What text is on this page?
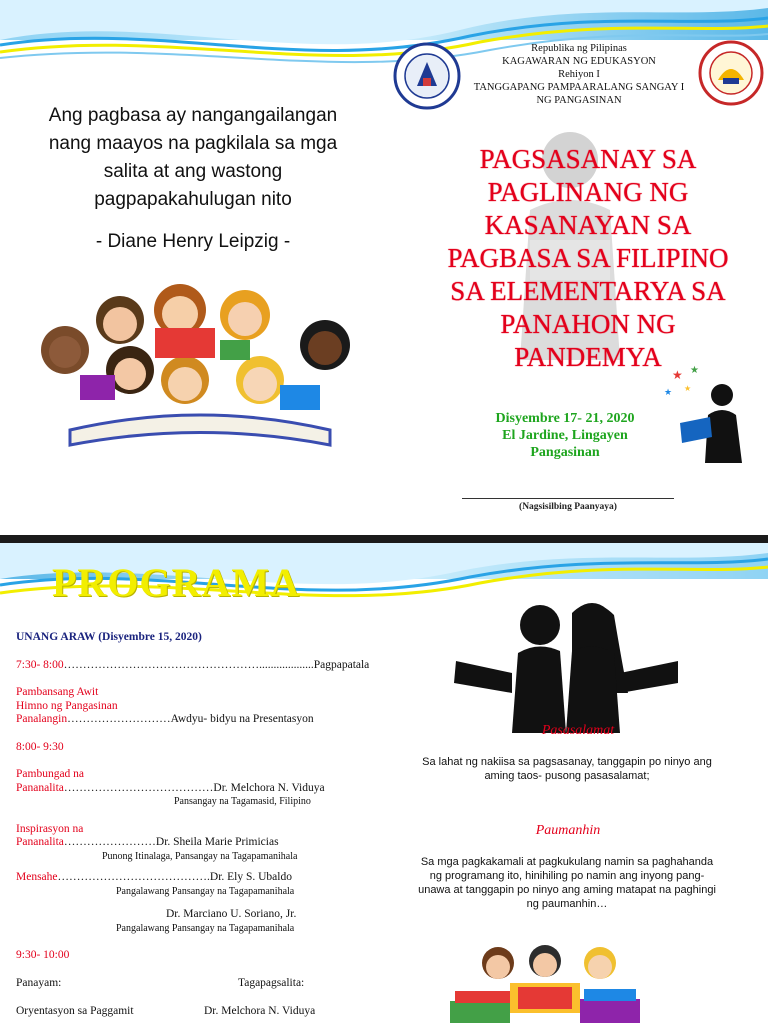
Republika ng Pilipinas
KAGAWARAN NG EDUKASYON
Rehiyon I
TANGGAPANG PAMPAARALANG SANGAY I
NG PANGASINAN
Ang pagbasa ay nangangailangan nang maayos na pagkilala sa mga salita at ang wastong pagpapakahulugan nito
- Diane Henry Leipzig -
PAGSASANAY SA
PAGLINANG NG
KASANAYAN SA
PAGBASA SA FILIPINO
SA ELEMENTARYA SA
PANAHON NG
PANDEMYA
Disyembre 17- 21, 2020
El Jardine, Lingayen
Pangasinan
★ ★
★ ★
(Nagsisilbing Paanyaya)
PROGRAMA
UNANG ARAW (Disyembre 15, 2020)
7:30- 8:00……………………………………………...................Pagpapatala
Pambansang Awit
Himno ng Pangasinan
Panalangin………………………Awdyu- bidyu na Presentasyon
8:00- 9:30
Pambungad na
Pananalita…………………………………Dr. Melchora N. Viduya
Pansangay na Tagamasid, Filipino
Inspirasyon na
Pananalita……………………Dr. Sheila Marie Primicias
Punong Itinalaga, Pansangay na Tagapamanihala
Mensahe………………………………….Dr. Ely S. Ubaldo
Pangalawang Pansangay na Tagapamanihala
Dr. Marciano U. Soriano, Jr.
Pangalawang Pansangay na Tagapamanihala
9:30- 10:00
Panayam:	Tagapagsalita:
Oryentasyon sa Paggamit	Dr. Melchora N. Viduya
Pasasalamat
Sa lahat ng nakiisa sa pagsasanay, tanggapin po ninyo ang aming taos- pusong pasasalamat;
Paumanhin
Sa mga pagkakamali at pagkukulang namin sa paghahanda ng programang ito, hinihiling po namin ang inyong pang-unawa at tanggapin po ninyo ang aming matapat na paghingi ng paumanhin…
